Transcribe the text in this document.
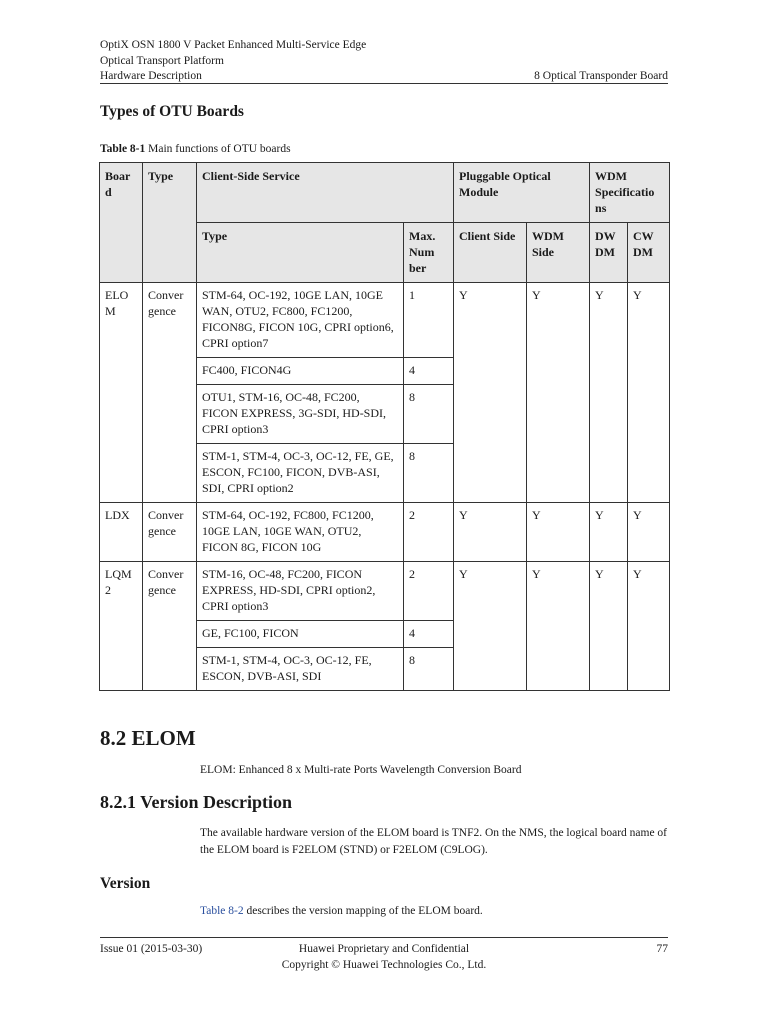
OptiX OSN 1800 V Packet Enhanced Multi-Service Edge
Optical Transport Platform
Hardware Description	8 Optical Transponder Board
Types of OTU Boards
Table 8-1 Main functions of OTU boards
Boar d	Type	Client-Side Service		Pluggable Optical Module		WDM Specificatio ns	
		Type	Max. Num ber	Client Side	WDM Side	DW DM	CW DM
ELO M	Conver gence	STM-64, OC-192, 10GE LAN, 10GE WAN, OTU2, FC800, FC1200, FICON8G, FICON 10G, CPRI option6, CPRI option7	1	Y	Y	Y	Y
		FC400, FICON4G	4				
		OTU1, STM-16, OC-48, FC200, FICON EXPRESS, 3G-SDI, HD-SDI, CPRI option3	8				
		STM-1, STM-4, OC-3, OC-12, FE, GE, ESCON, FC100, FICON, DVB-ASI, SDI, CPRI option2	8				
LDX	Conver gence	STM-64, OC-192, FC800, FC1200, 10GE LAN, 10GE WAN, OTU2, FICON 8G, FICON 10G	2	Y	Y	Y	Y
LQM 2	Conver gence	STM-16, OC-48, FC200, FICON EXPRESS, HD-SDI, CPRI option2, CPRI option3	2	Y	Y	Y	Y
		GE, FC100, FICON	4				
		STM-1, STM-4, OC-3, OC-12, FE, ESCON, DVB-ASI, SDI	8				
8.2 ELOM
ELOM: Enhanced 8 x Multi-rate Ports Wavelength Conversion Board
8.2.1 Version Description
The available hardware version of the ELOM board is TNF2. On the NMS, the logical board name of the ELOM board is F2ELOM (STND) or F2ELOM (C9LOG).
Version
Table 8-2 describes the version mapping of the ELOM board.
Issue 01 (2015-03-30)	Huawei Proprietary and Confidential
Copyright © Huawei Technologies Co., Ltd.
77
